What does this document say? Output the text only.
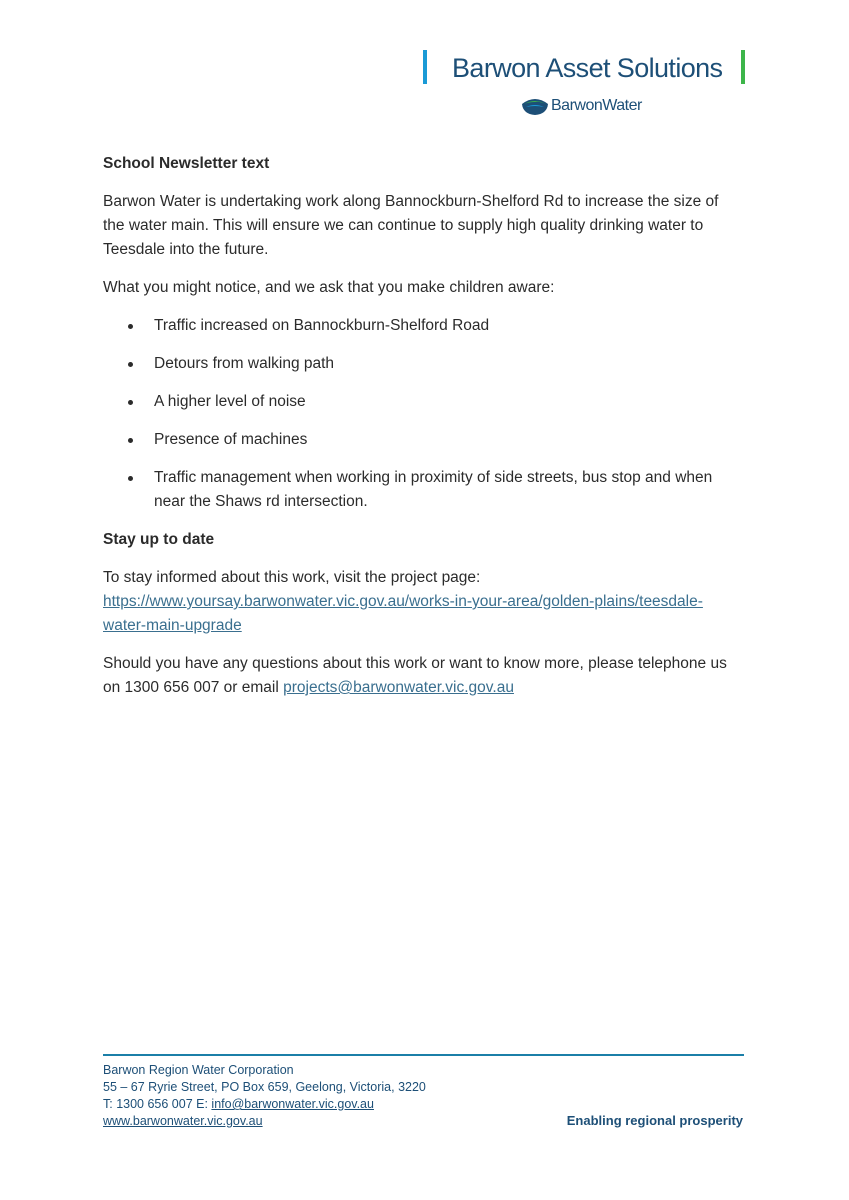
Barwon Asset Solutions
BarwonWater
School Newsletter text

Barwon Water is undertaking work along Bannockburn-Shelford Rd to increase the size of the water main. This will ensure we can continue to supply high quality drinking water to Teesdale into the future.

What you might notice, and we ask that you make children aware:

Traffic increased on Bannockburn-Shelford Road
Detours from walking path
A higher level of noise
Presence of machines
Traffic management when working in proximity of side streets, bus stop and when near the Shaws rd intersection.
Stay up to date

To stay informed about this work, visit the project page:
https://www.yoursay.barwonwater.vic.gov.au/works-in-your-area/golden-plains/teesdale-water-main-upgrade

Should you have any questions about this work or want to know more, please telephone us on 1300 656 007 or email projects@barwonwater.vic.gov.au

Barwon Region Water Corporation
55 – 67 Ryrie Street, PO Box 659, Geelong, Victoria, 3220
T: 1300 656 007 E: info@barwonwater.vic.gov.au
www.barwonwater.vic.gov.au	Enabling regional prosperity
